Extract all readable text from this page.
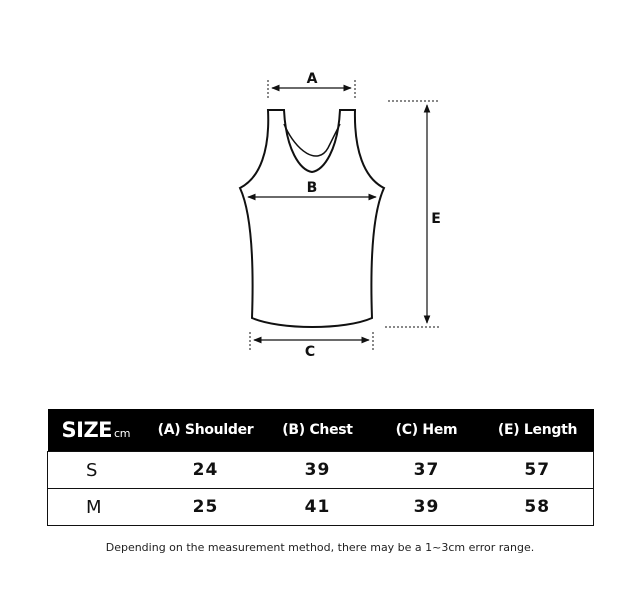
A
B
C
E
SIZE cm	(A) Shoulder	(B) Chest	(C) Hem	(E) Length
S	24	39	37	57
M	25	41	39	58
Depending on the measurement method, there may be a 1~3cm error range.
